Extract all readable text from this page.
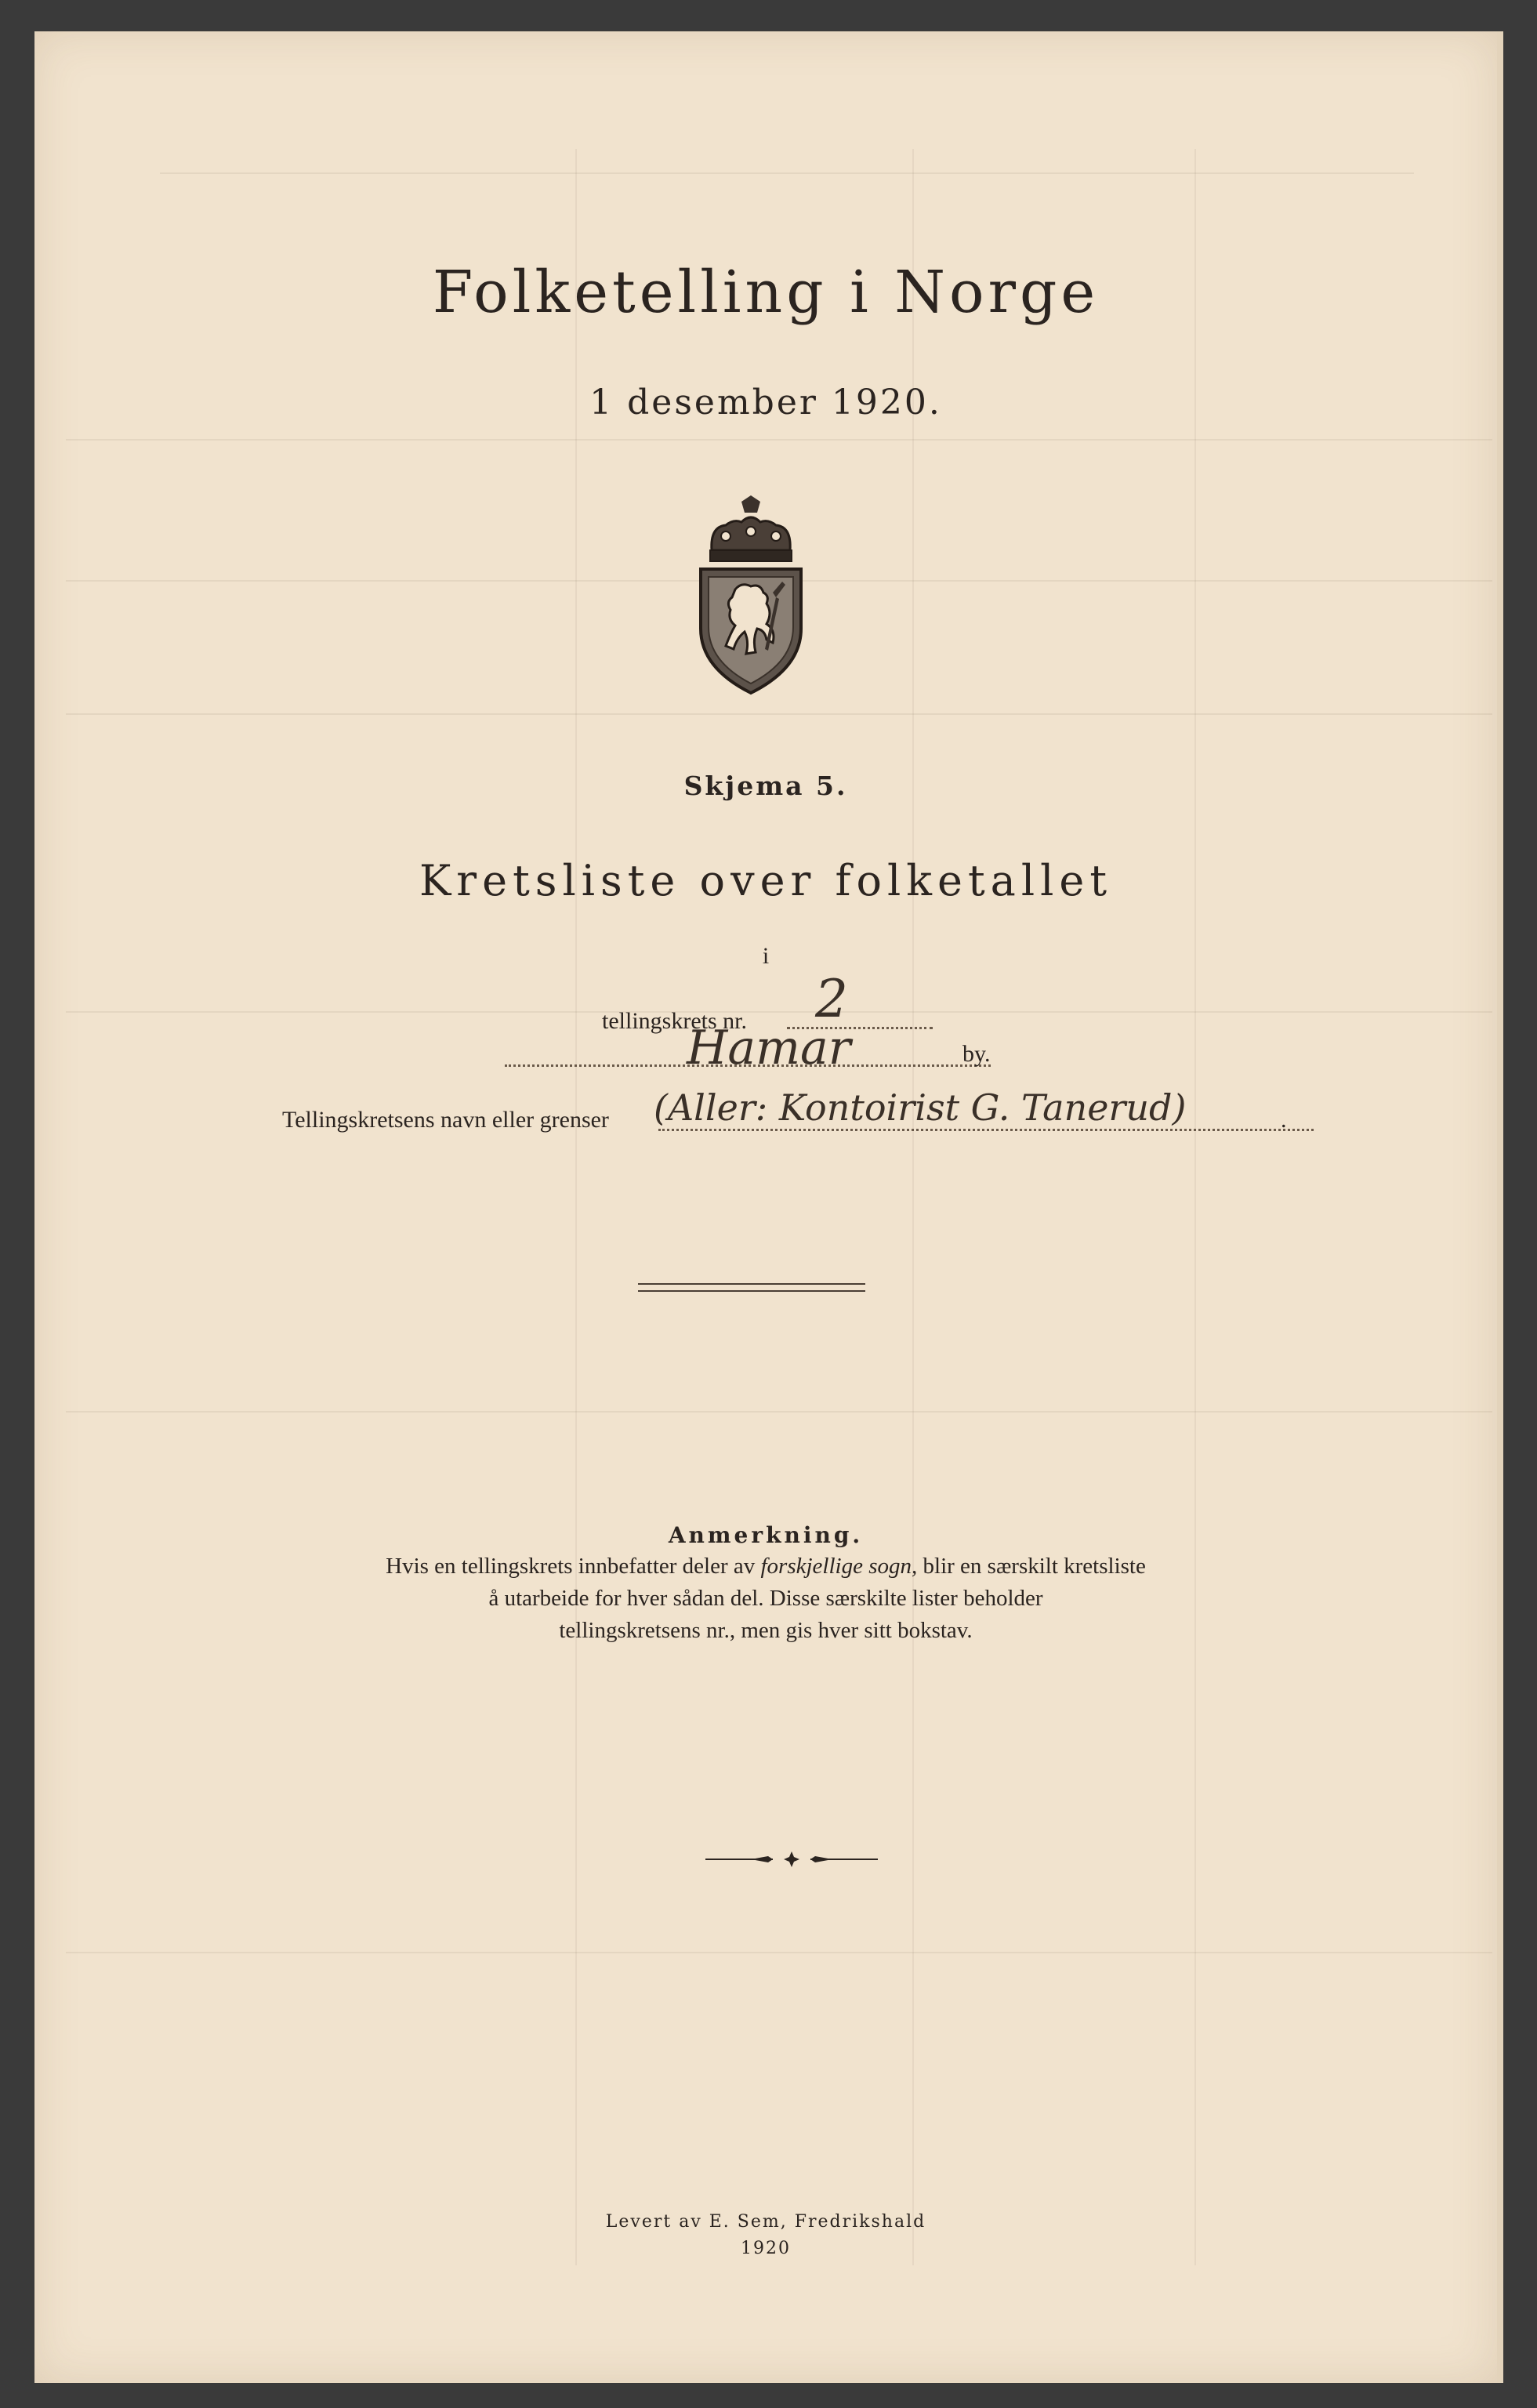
Folketelling i Norge
1 desember 1920.
Skjema 5.
Kretsliste over folketallet
i
tellingskrets nr. 2
Hamar	by.
Tellingskretsens navn eller grenser (Aller: Kontoirist G. Tanerud)	.
Anmerkning.
Hvis en tellingskrets innbefatter deler av forskjellige sogn, blir en særskilt kretsliste
å utarbeide for hver sådan del. Disse særskilte lister beholder
tellingskretsens nr., men gis hver sitt bokstav.
Levert av E. Sem, Fredrikshald
1920
